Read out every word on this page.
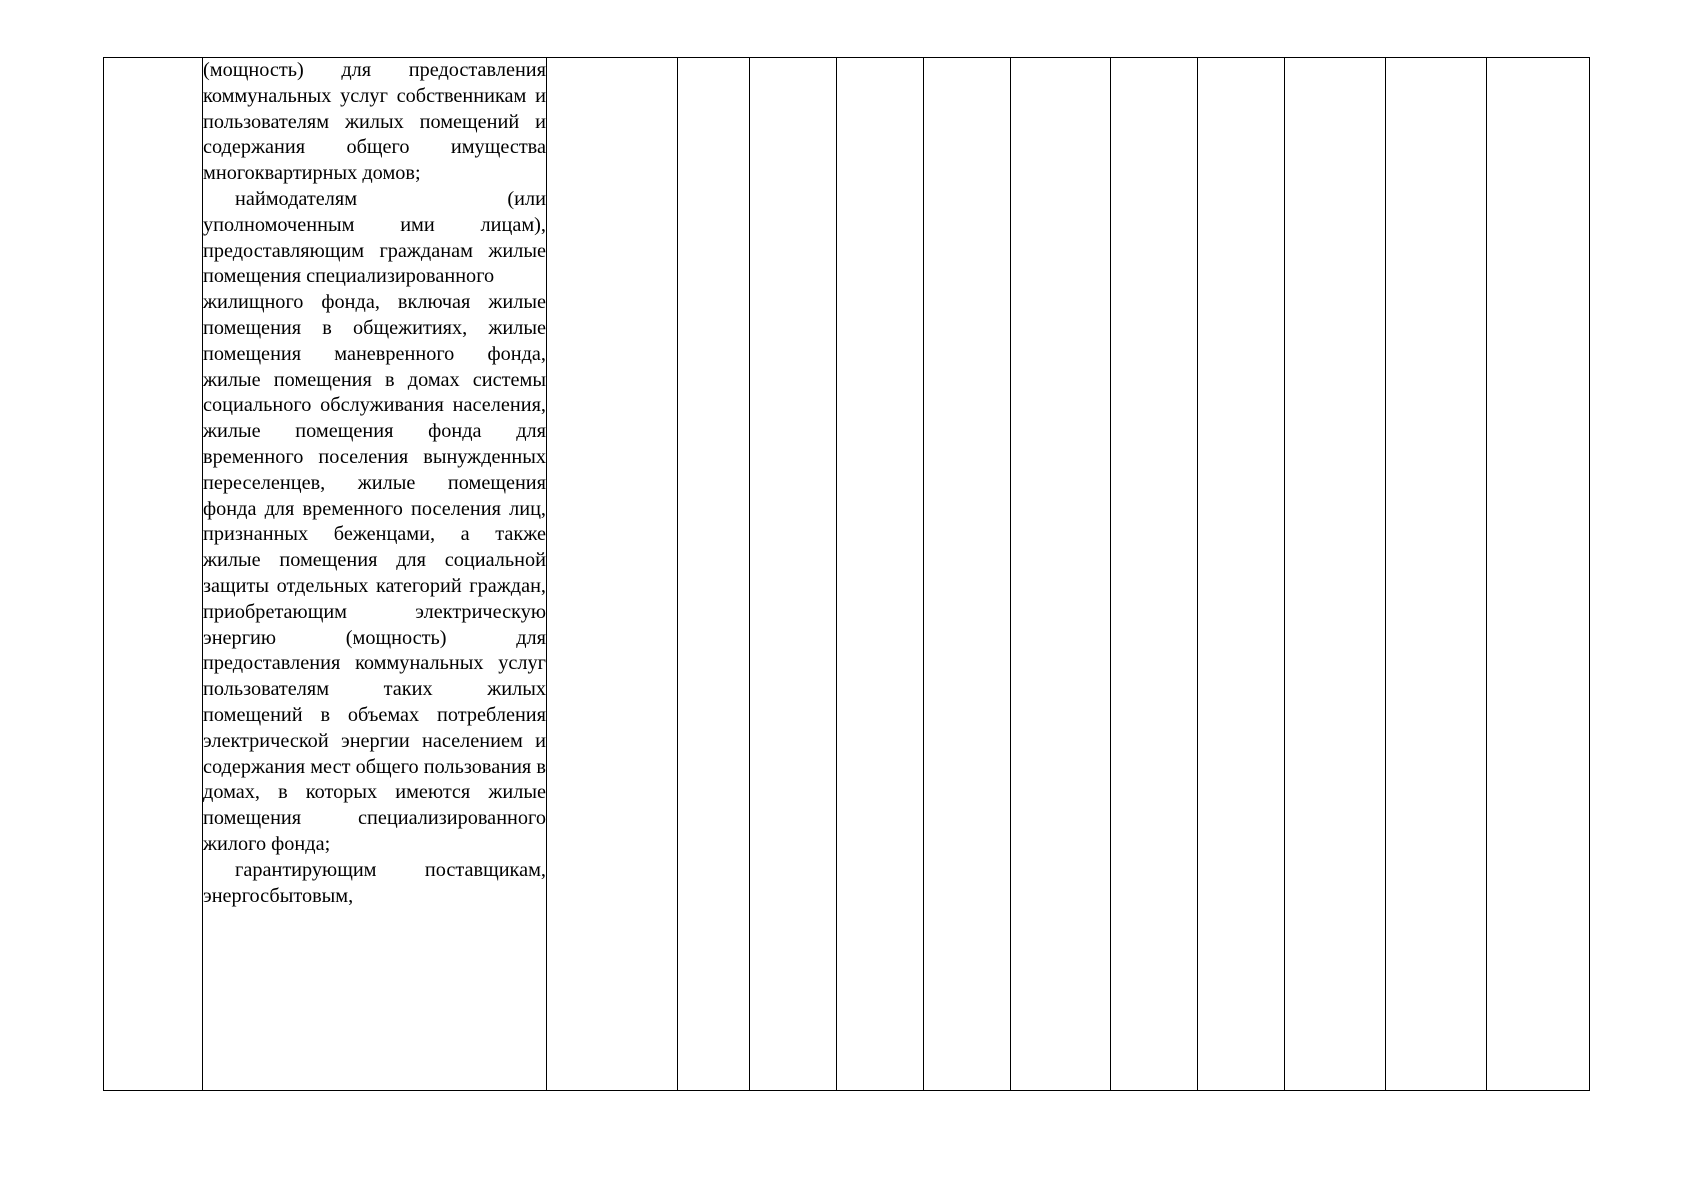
(мощность) для предоставления коммунальных услуг собственникам и пользователям жилых помещений и содержания общего имущества многоквартирных домов;

наймодателям (или уполномоченным ими лицам), предоставляющим гражданам жилые помещения специализированного

жилищного фонда, включая жилые помещения в общежитиях, жилые помещения маневренного фонда, жилые помещения в домах системы социального обслуживания населения, жилые помещения фонда для временного поселения вынужденных переселенцев, жилые помещения фонда для временного поселения лиц, признанных беженцами, а также жилые помещения для социальной защиты отдельных категорий граждан, приобретающим электрическую энергию (мощность) для предоставления коммунальных услуг пользователям таких жилых помещений в объемах потребления электрической энергии населением и содержания мест общего пользования в домах, в которых имеются жилые помещения специализированного жилого фонда;

гарантирующим поставщикам, энергосбытовым,
